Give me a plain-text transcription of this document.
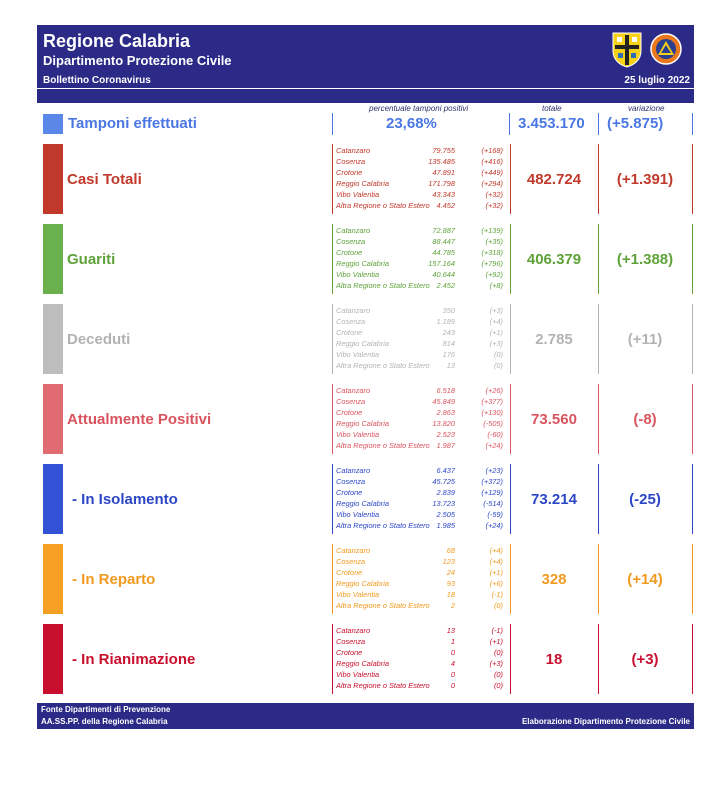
Regione Calabria
Dipartimento Protezione Civile
Bollettino Coronavirus	25 luglio 2022
percentuale tamponi positivi	totale	variazione
Tamponi effettuati	23,68%	3.453.170 (+5.875)
Casi Totali
Catanzaro	79.755	(+168)
Cosenza	135.485	(+416)
Crotone	47.891	(+449)
Reggio Calabria	171.798	(+294)
Vibo Valentia	43.343	(+32)
Altra Regione o Stato Estero 4.452	(+32)
482.724	(+1.391)
Guariti
Catanzaro	72.887	(+139)
Cosenza	88.447	(+35)
Crotone	44.785	(+318)
Reggio Calabria	157.164	(+796)
Vibo Valentia	40.644	(+92)
Altra Regione o Stato Estero 2.452	(+8)
406.379	(+1.388)
Deceduti
Catanzaro	350	(+3)
Cosenza	1.189	(+4)
Crotone	243	(+1)
Reggio Calabria	814	(+3)
Vibo Valentia	176	(0)
Altra Regione o Stato Estero 13	(0)
2.785	(+11)
Attualmente Positivi
Catanzaro	6.518	(+26)
Cosenza	45.849	(+377)
Crotone	2.863	(+130)
Reggio Calabria	13.820	(-505)
Vibo Valentia	2.523	(-60)
Altra Regione o Stato Estero 1.987	(+24)
73.560	(-8)
- In Isolamento
Catanzaro	6.437	(+23)
Cosenza	45.725	(+372)
Crotone	2.839	(+129)
Reggio Calabria	13.723	(-514)
Vibo Valentia	2.505	(-59)
Altra Regione o Stato Estero 1.985	(+24)
73.214	(-25)
- In Reparto
Catanzaro	68	(+4)
Cosenza	123	(+4)
Crotone	24	(+1)
Reggio Calabria	93	(+6)
Vibo Valentia	18	(-1)
Altra Regione o Stato Estero	2	(0)
328	(+14)
- In Rianimazione
Catanzaro	13	(-1)
Cosenza	1	(+1)
Crotone	0	(0)
Reggio Calabria	4	(+3)
Vibo Valentia	0	(0)
Altra Regione o Stato Estero	0	(0)
18	(+3)
Fonte Dipartimenti di Prevenzione
AA.SS.PP. della Regione Calabria	Elaborazione Dipartimento Protezione Civile
